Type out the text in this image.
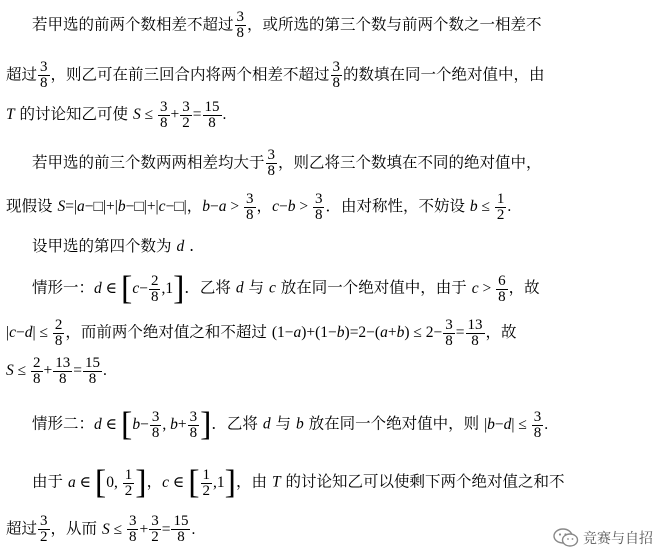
若甲选的前两个数相差不超过 $\frac{3}{8}$ ，或所选的第三个数与前两个数之一相差不
超过 $\frac{3}{8}$ ，则乙可在前三回合内将两个相差不超过 $\frac{3}{8}$ 的数填在同一个绝对值中，由
T 的讨论知乙可使 $S \le \frac{3}{8} + \frac{3}{2} = \frac{15}{8}$ .
若甲选的前三个数两两相差均大于 $\frac{3}{8}$ ，则乙将三个数填在不同的绝对值中，
现假设 S=|a−□|+|b−□|+|c−□|，$b-a > \frac{3}{8}$ ，$c-b > \frac{3}{8}$ ．由对称性，不妨设 $b \le \frac{1}{2}$ .
设甲选的第四个数为 d .
情形一：d ∈ $[c- \frac{2}{8} ,1]$．乙将 d 与 c 放在同一个绝对值中，由于 $c > \frac{6}{8}$ ，故
$|c-d| \le \frac{2}{8}$ ，而前两个绝对值之和不超过 $(1-a)+(1-b)=2-(a+b) \le 2- \frac{3}{8} = \frac{13}{8}$ ，故
$S \le \frac{2}{8} + \frac{13}{8} = \frac{15}{8}$ .
情形二：d ∈ [$b- \frac{3}{8}$ , $b+ \frac{3}{8}$ ]．乙将 d 与 b 放在同一个绝对值中，则 $|b-d| \le \frac{3}{8}$ .
由于 a ∈ [0, $\frac{1}{2}$ ]，c ∈ [ $\frac{1}{2} ,1$]，由 T 的讨论知乙可以使剩下两个绝对值之和不
超过 $\frac{3}{2}$ ，从而 $S \le \frac{3}{8} + \frac{3}{2} = \frac{15}{8}$ .
竞赛与自招
